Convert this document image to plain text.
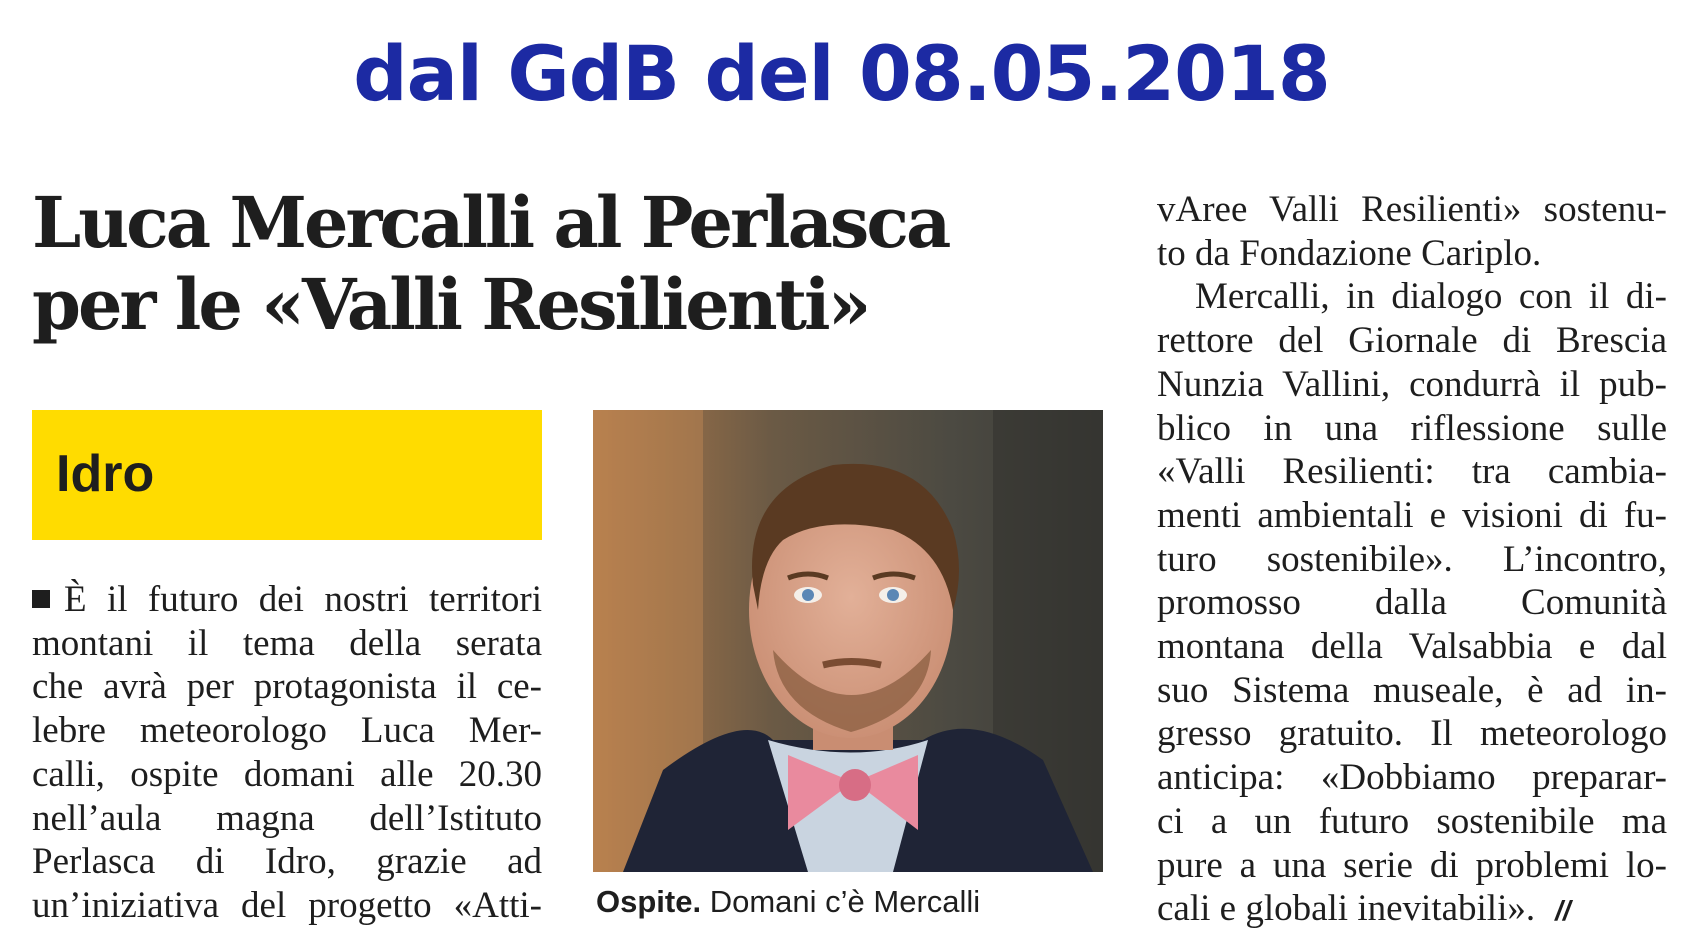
dal GdB del 08.05.2018
Luca Mercalli al Perlasca
per le «Valli Resilienti»
Idro
È il futuro dei nostri territori
montani il tema della serata
che avrà per protagonista il ce-
lebre meteorologo Luca Mer-
calli, ospite domani alle 20.30
nell’aula magna dell’Istituto
Perlasca di Idro, grazie ad
un’iniziativa del progetto «Atti- Ospite. Domani c’è Mercalli
vAree Valli Resilienti» sostenu-
to da Fondazione Cariplo.
Mercalli, in dialogo con il di-
rettore del Giornale di Brescia
Nunzia Vallini, condurrà il pub-
blico in una riflessione sulle
«Valli Resilienti: tra cambia-
menti ambientali e visioni di fu-
turo sostenibile». L’incontro,
promosso dalla Comunità
montana della Valsabbia e dal
suo Sistema museale, è ad in-
gresso gratuito. Il meteorologo
anticipa: «Dobbiamo preparar-
ci a un futuro sostenibile ma
pure a una serie di problemi lo-
cali e globali inevitabili». //
